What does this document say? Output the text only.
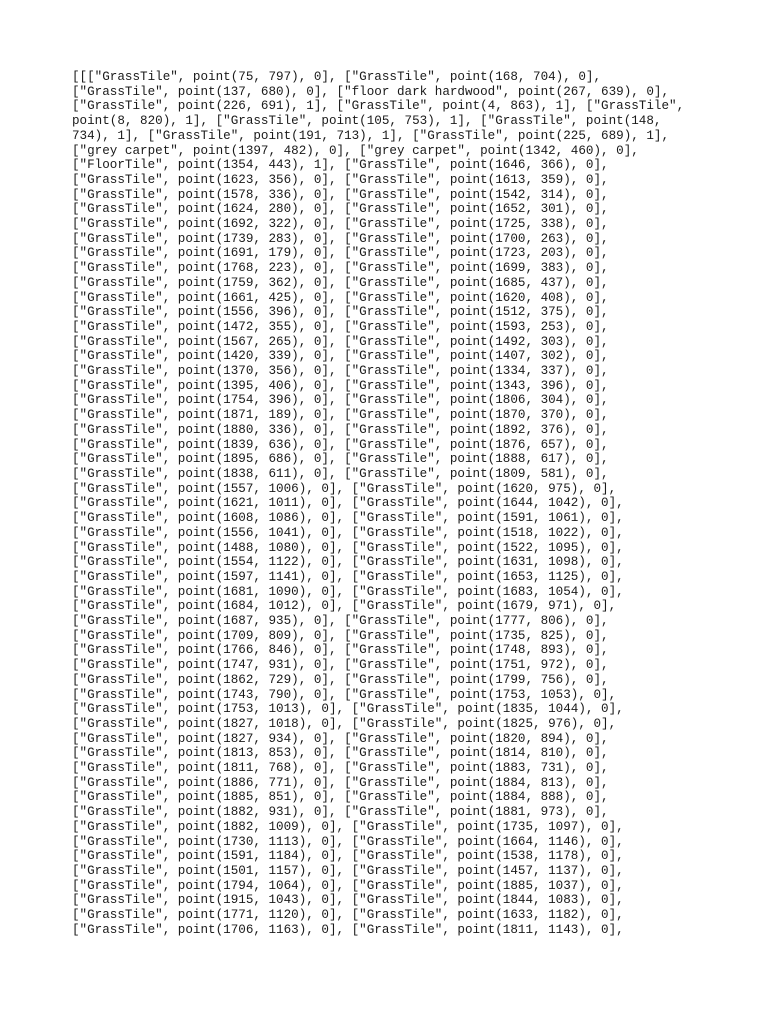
[[["GrassTile", point(75, 797), 0], ["GrassTile", point(168, 704), 0],
["GrassTile", point(137, 680), 0], ["floor dark hardwood", point(267, 639), 0],
["GrassTile", point(226, 691), 1], ["GrassTile", point(4, 863), 1], ["GrassTile",
point(8, 820), 1], ["GrassTile", point(105, 753), 1], ["GrassTile", point(148,
734), 1], ["GrassTile", point(191, 713), 1], ["GrassTile", point(225, 689), 1],
["grey carpet", point(1397, 482), 0], ["grey carpet", point(1342, 460), 0],
["FloorTile", point(1354, 443), 1], ["GrassTile", point(1646, 366), 0],
["GrassTile", point(1623, 356), 0], ["GrassTile", point(1613, 359), 0],
["GrassTile", point(1578, 336), 0], ["GrassTile", point(1542, 314), 0],
["GrassTile", point(1624, 280), 0], ["GrassTile", point(1652, 301), 0],
["GrassTile", point(1692, 322), 0], ["GrassTile", point(1725, 338), 0],
["GrassTile", point(1739, 283), 0], ["GrassTile", point(1700, 263), 0],
["GrassTile", point(1691, 179), 0], ["GrassTile", point(1723, 203), 0],
["GrassTile", point(1768, 223), 0], ["GrassTile", point(1699, 383), 0],
["GrassTile", point(1759, 362), 0], ["GrassTile", point(1685, 437), 0],
["GrassTile", point(1661, 425), 0], ["GrassTile", point(1620, 408), 0],
["GrassTile", point(1556, 396), 0], ["GrassTile", point(1512, 375), 0],
["GrassTile", point(1472, 355), 0], ["GrassTile", point(1593, 253), 0],
["GrassTile", point(1567, 265), 0], ["GrassTile", point(1492, 303), 0],
["GrassTile", point(1420, 339), 0], ["GrassTile", point(1407, 302), 0],
["GrassTile", point(1370, 356), 0], ["GrassTile", point(1334, 337), 0],
["GrassTile", point(1395, 406), 0], ["GrassTile", point(1343, 396), 0],
["GrassTile", point(1754, 396), 0], ["GrassTile", point(1806, 304), 0],
["GrassTile", point(1871, 189), 0], ["GrassTile", point(1870, 370), 0],
["GrassTile", point(1880, 336), 0], ["GrassTile", point(1892, 376), 0],
["GrassTile", point(1839, 636), 0], ["GrassTile", point(1876, 657), 0],
["GrassTile", point(1895, 686), 0], ["GrassTile", point(1888, 617), 0],
["GrassTile", point(1838, 611), 0], ["GrassTile", point(1809, 581), 0],
["GrassTile", point(1557, 1006), 0], ["GrassTile", point(1620, 975), 0],
["GrassTile", point(1621, 1011), 0], ["GrassTile", point(1644, 1042), 0],
["GrassTile", point(1608, 1086), 0], ["GrassTile", point(1591, 1061), 0],
["GrassTile", point(1556, 1041), 0], ["GrassTile", point(1518, 1022), 0],
["GrassTile", point(1488, 1080), 0], ["GrassTile", point(1522, 1095), 0],
["GrassTile", point(1554, 1122), 0], ["GrassTile", point(1631, 1098), 0],
["GrassTile", point(1597, 1141), 0], ["GrassTile", point(1653, 1125), 0],
["GrassTile", point(1681, 1090), 0], ["GrassTile", point(1683, 1054), 0],
["GrassTile", point(1684, 1012), 0], ["GrassTile", point(1679, 971), 0],
["GrassTile", point(1687, 935), 0], ["GrassTile", point(1777, 806), 0],
["GrassTile", point(1709, 809), 0], ["GrassTile", point(1735, 825), 0],
["GrassTile", point(1766, 846), 0], ["GrassTile", point(1748, 893), 0],
["GrassTile", point(1747, 931), 0], ["GrassTile", point(1751, 972), 0],
["GrassTile", point(1862, 729), 0], ["GrassTile", point(1799, 756), 0],
["GrassTile", point(1743, 790), 0], ["GrassTile", point(1753, 1053), 0],
["GrassTile", point(1753, 1013), 0], ["GrassTile", point(1835, 1044), 0],
["GrassTile", point(1827, 1018), 0], ["GrassTile", point(1825, 976), 0],
["GrassTile", point(1827, 934), 0], ["GrassTile", point(1820, 894), 0],
["GrassTile", point(1813, 853), 0], ["GrassTile", point(1814, 810), 0],
["GrassTile", point(1811, 768), 0], ["GrassTile", point(1883, 731), 0],
["GrassTile", point(1886, 771), 0], ["GrassTile", point(1884, 813), 0],
["GrassTile", point(1885, 851), 0], ["GrassTile", point(1884, 888), 0],
["GrassTile", point(1882, 931), 0], ["GrassTile", point(1881, 973), 0],
["GrassTile", point(1882, 1009), 0], ["GrassTile", point(1735, 1097), 0],
["GrassTile", point(1730, 1113), 0], ["GrassTile", point(1664, 1146), 0],
["GrassTile", point(1591, 1184), 0], ["GrassTile", point(1538, 1178), 0],
["GrassTile", point(1501, 1157), 0], ["GrassTile", point(1457, 1137), 0],
["GrassTile", point(1794, 1064), 0], ["GrassTile", point(1885, 1037), 0],
["GrassTile", point(1915, 1043), 0], ["GrassTile", point(1844, 1083), 0],
["GrassTile", point(1771, 1120), 0], ["GrassTile", point(1633, 1182), 0],
["GrassTile", point(1706, 1163), 0], ["GrassTile", point(1811, 1143), 0],
